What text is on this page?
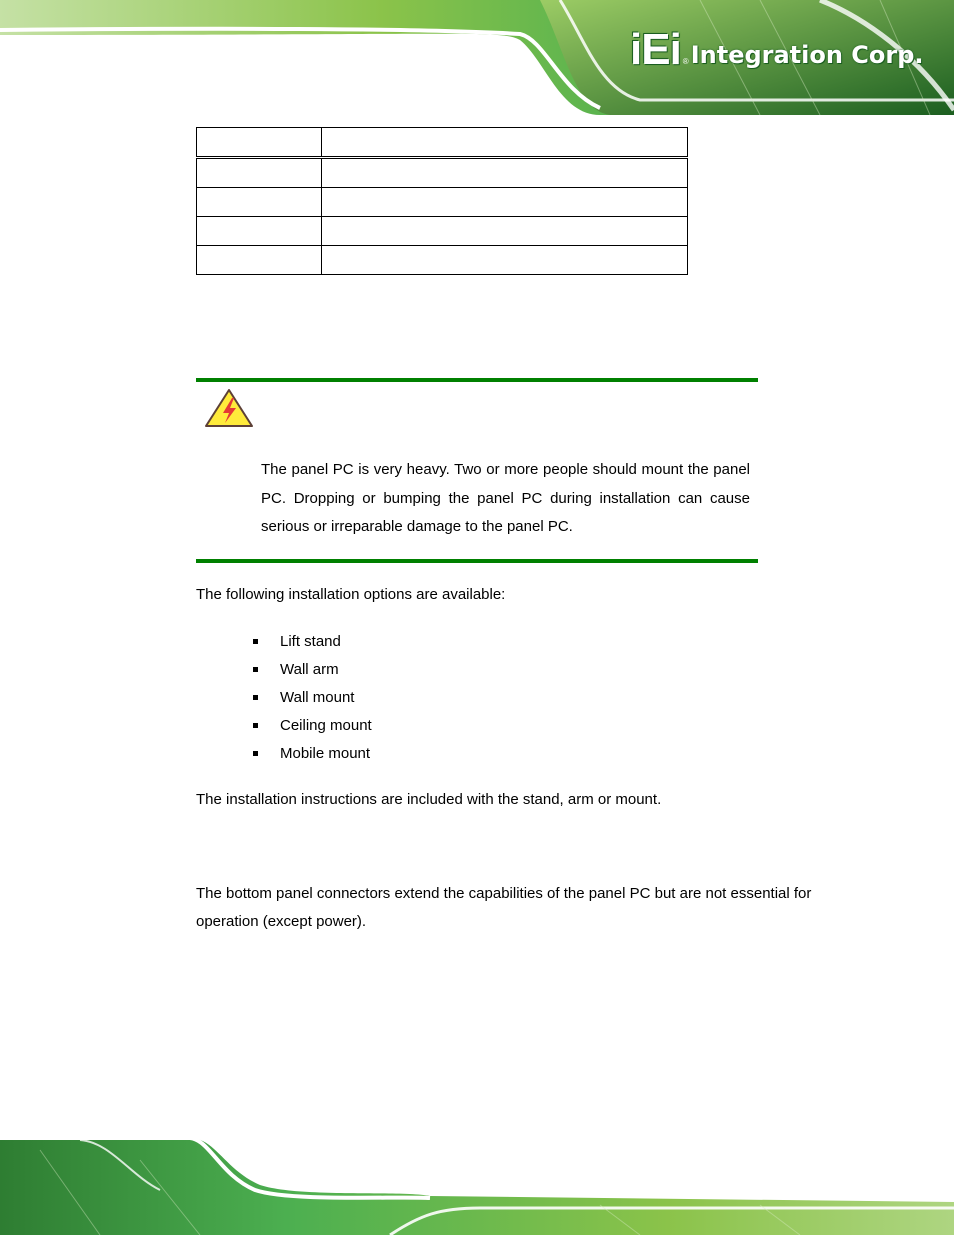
iEi ® Integration Corp.

The panel PC is very heavy. Two or more people should mount the panel PC. Dropping or bumping the panel PC during installation can cause serious or irreparable damage to the panel PC.

The following installation options are available:

Lift stand
Wall arm
Wall mount
Ceiling mount
Mobile mount

The installation instructions are included with the stand, arm or mount.

The bottom panel connectors extend the capabilities of the panel PC but are not essential for operation (except power).
